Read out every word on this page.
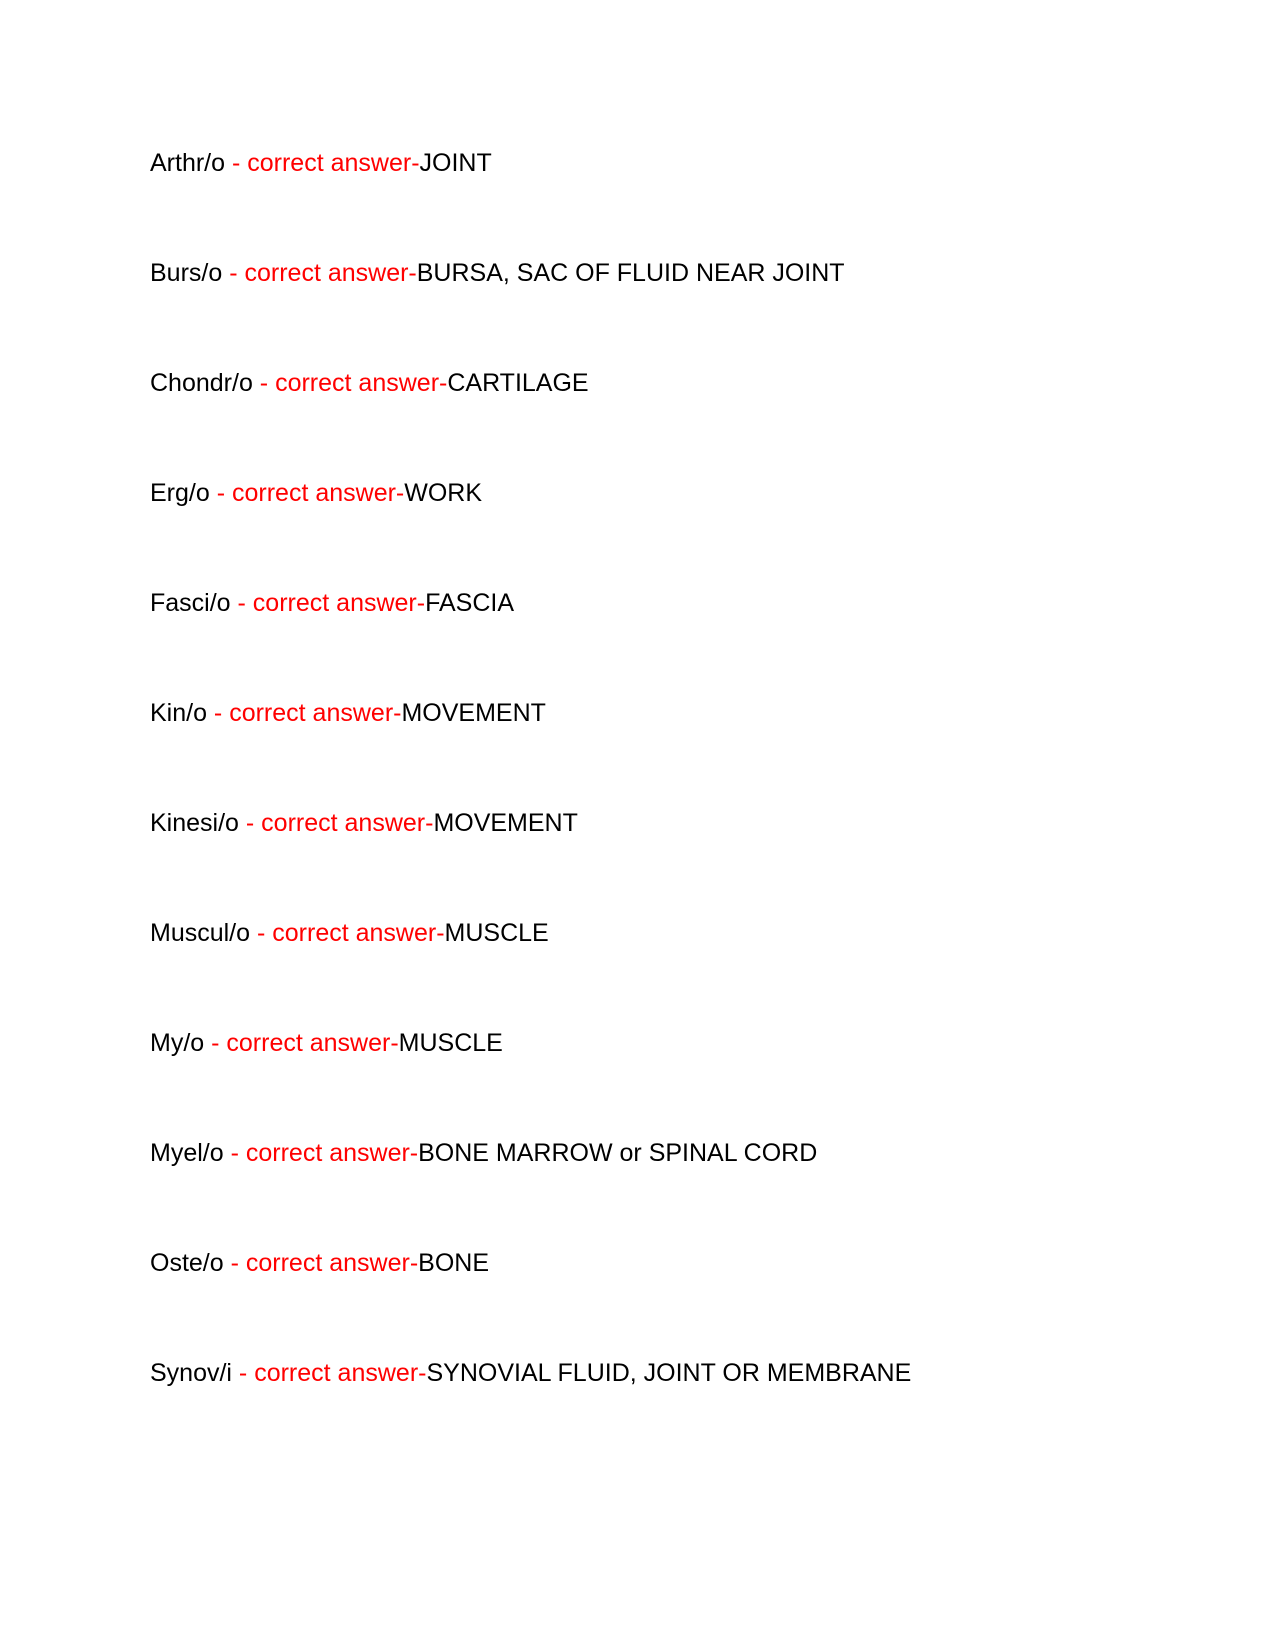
Arthr/o - correct answer-JOINT
Burs/o - correct answer-BURSA, SAC OF FLUID NEAR JOINT
Chondr/o - correct answer-CARTILAGE
Erg/o - correct answer-WORK
Fasci/o - correct answer-FASCIA
Kin/o - correct answer-MOVEMENT
Kinesi/o - correct answer-MOVEMENT
Muscul/o - correct answer-MUSCLE
My/o - correct answer-MUSCLE
Myel/o - correct answer-BONE MARROW or SPINAL CORD
Oste/o - correct answer-BONE
Synov/i - correct answer-SYNOVIAL FLUID, JOINT OR MEMBRANE
